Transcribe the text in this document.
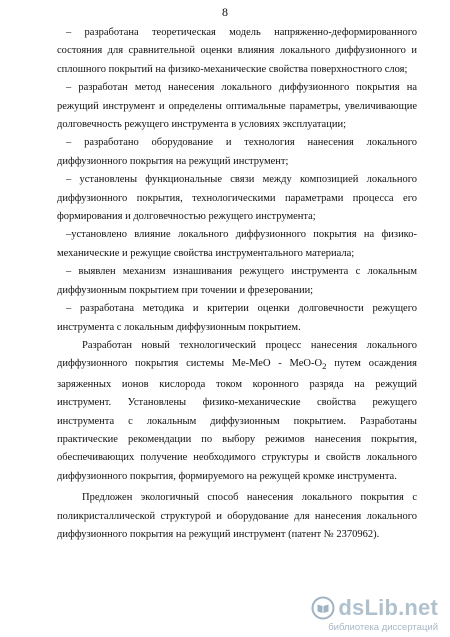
8

– разработана теоретическая модель напряженно-деформированного состояния для сравнительной оценки влияния локального диффузионного и сплошного покрытий на физико-механические свойства поверхностного слоя;

– разработан метод нанесения локального диффузионного покрытия на режущий инструмент и определены оптимальные параметры, увеличивающие долговечность режущего инструмента в условиях эксплуатации;

– разработано оборудование и технология нанесения локального диффузионного покрытия на режущий инструмент;

– установлены функциональные связи между композицией локального диффузионного покрытия, технологическими параметрами процесса его формирования и долговечностью режущего инструмента;

–установлено влияние локального диффузионного покрытия на физико-механические и режущие свойства инструментального материала;

– выявлен механизм изнашивания режущего инструмента с локальным диффузионным покрытием при точении и фрезеровании;

– разработана методика и критерии оценки долговечности режущего инструмента с локальным диффузионным покрытием.

Разработан новый технологический процесс нанесения локального диффузионного покрытия системы Ме-МеО - МеО-$О_2$ путем осаждения заряженных ионов кислорода током коронного разряда на режущий инструмент. Установлены физико-механические свойства режущего инструмента с локальным диффузионным покрытием. Разработаны практические рекомендации по выбору режимов нанесения покрытия, обеспечивающих получение необходимого структуры и свойств локального диффузионного покрытия, формируемого на режущей кромке инструмента.

Предложен экологичный способ нанесения локального покрытия с поликристаллической структурой и оборудование для нанесения локального диффузионного покрытия на режущий инструмент (патент № 2370962).

dsLib.net
библиотека диссертаций
